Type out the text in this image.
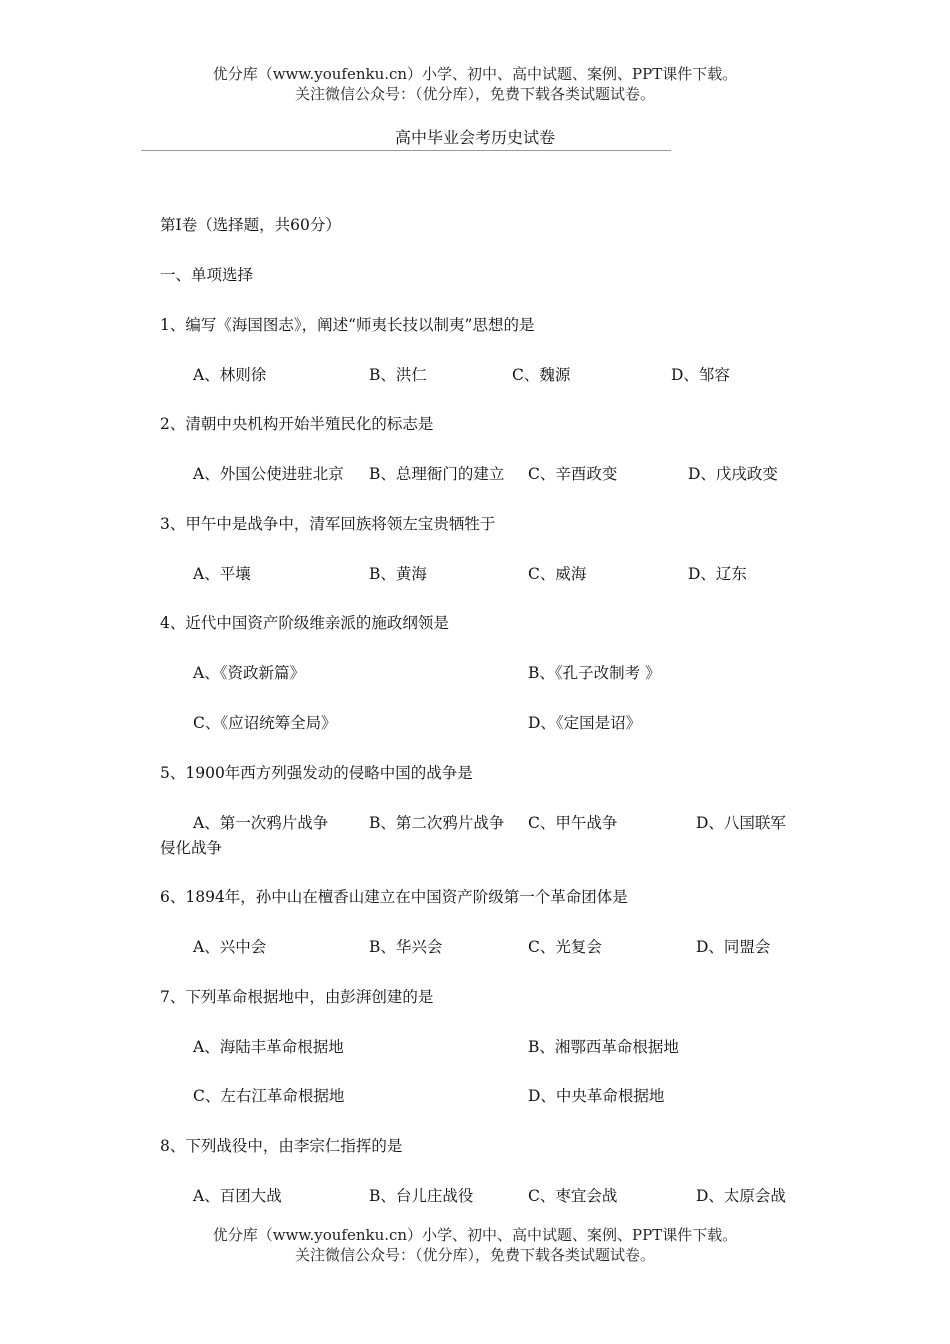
优分库（www.youfenku.cn）小学、初中、高中试题、案例、PPT课件下载。
关注微信公众号：（优分库），免费下载各类试题试卷。
高中毕业会考历史试卷
第Ⅰ卷（选择题，共60分）
一、单项选择
1、编写《海国图志》，阐述“师夷长技以制夷”思想的是
A、林则徐	B、洪仁	C、魏源	D、邹容
2、清朝中央机构开始半殖民化的标志是
A、外国公使进驻北京 B、总理衙门的建立 C、辛酉政变	D、戊戌政变
3、甲午中是战争中，清军回族将领左宝贵牺牲于
A、平壤	B、黄海	C、威海	D、辽东
4、近代中国资产阶级维亲派的施政纲领是
A、《资政新篇》	B、《孔子改制考 》
C、《应诏统筹全局》	D、《定国是诏》
5、1900年西方列强发动的侵略中国的战争是
A、第一次鸦片战争	B、第二次鸦片战争 C、甲午战争	D、八国联军
侵化战争
6、1894年，孙中山在檀香山建立在中国资产阶级第一个革命团体是
A、兴中会	B、华兴会	C、光复会	D、同盟会
7、下列革命根据地中，由彭湃创建的是
A、海陆丰革命根据地	B、湘鄂西革命根据地
C、左右江革命根据地	D、中央革命根据地
8、下列战役中，由李宗仁指挥的是
A、百团大战	B、台儿庄战役	C、枣宜会战	D、太原会战
优分库（www.youfenku.cn）小学、初中、高中试题、案例、PPT课件下载。
关注微信公众号：（优分库），免费下载各类试题试卷。
